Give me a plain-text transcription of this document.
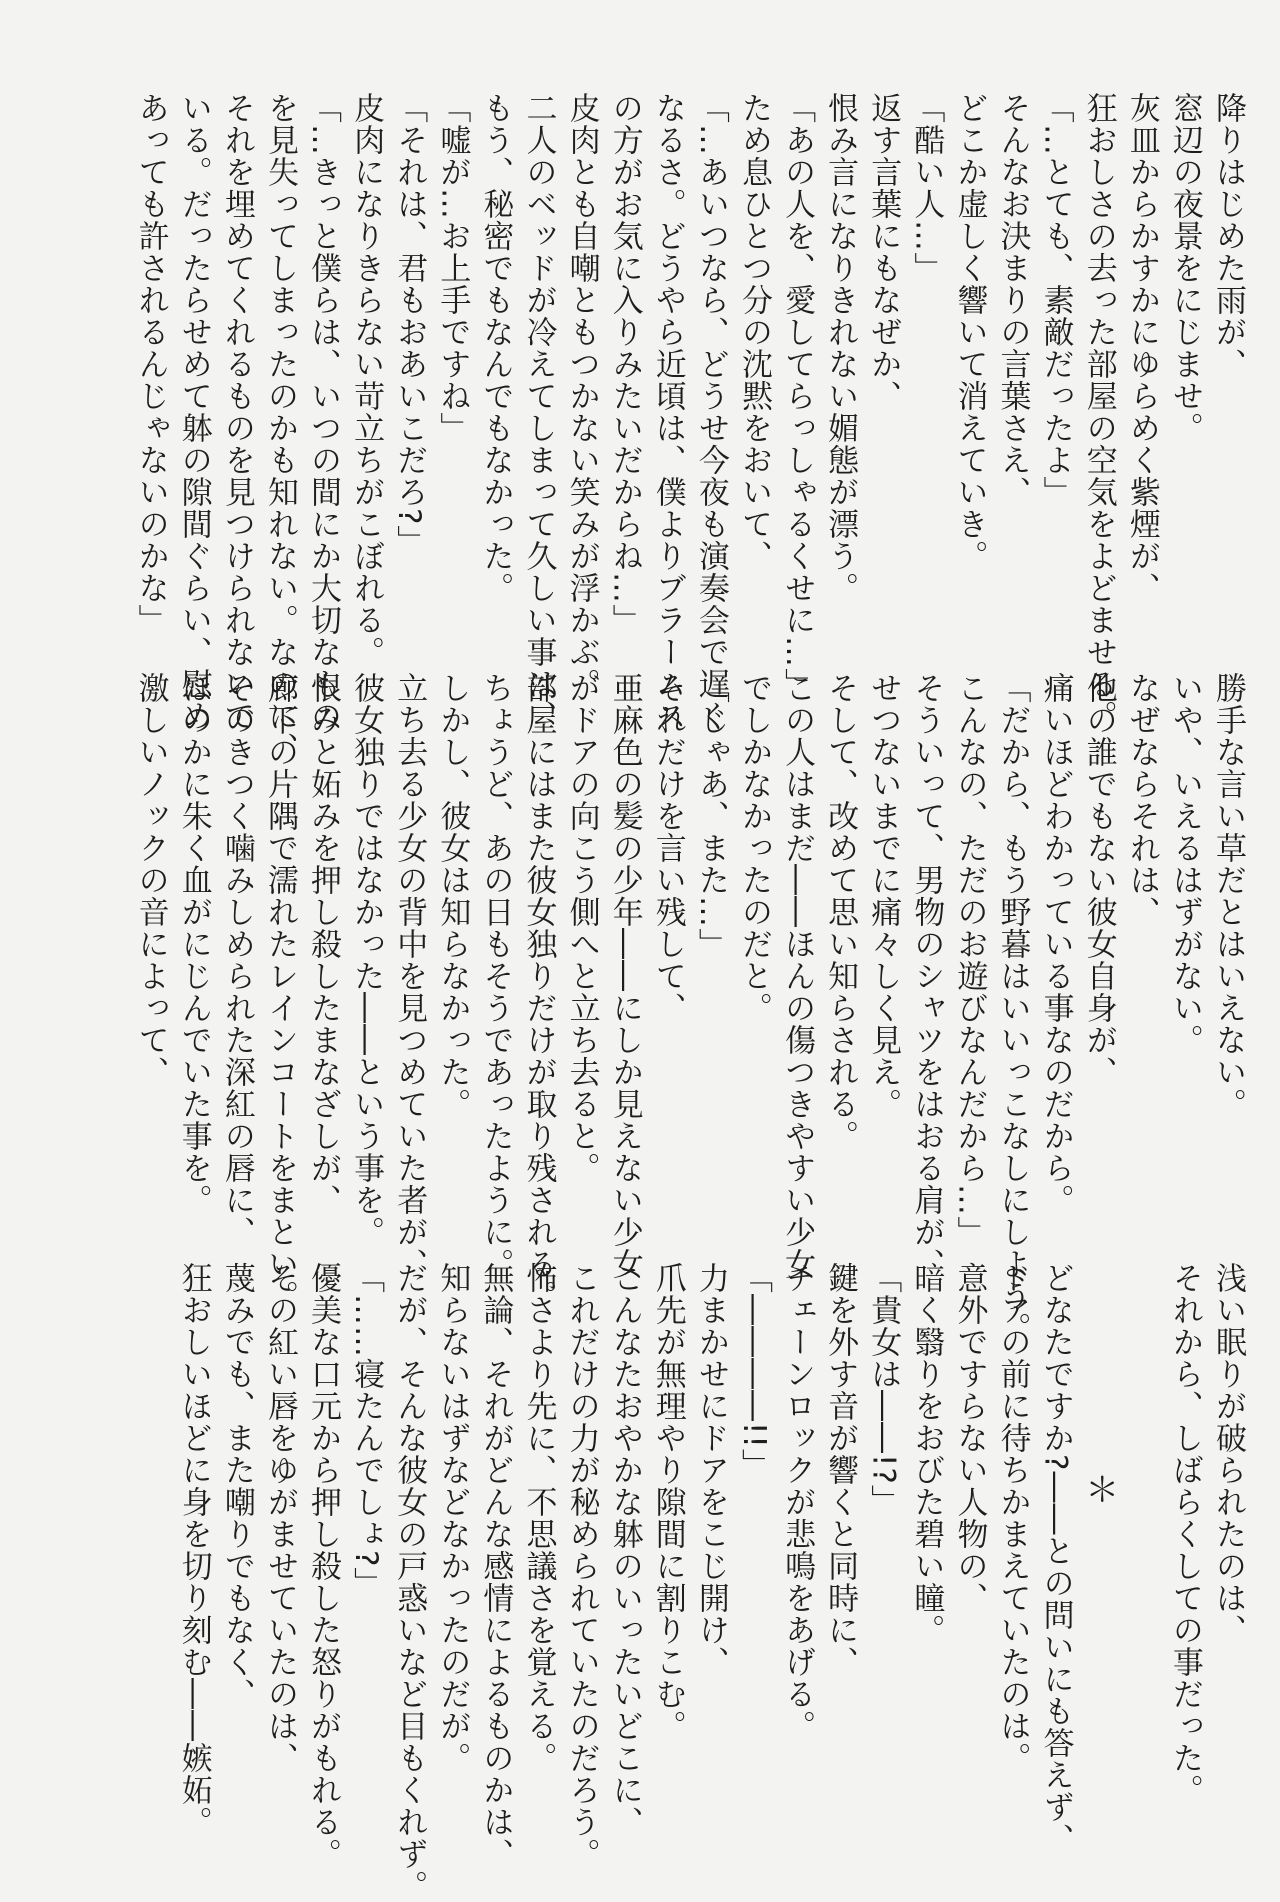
降りはじめた雨が、
窓辺の夜景をにじませ。
灰皿からかすかにゆらめく紫煙が、
狂おしさの去った部屋の空気をよどませる。
「…とても、素敵だったよ」
そんなお決まりの言葉さえ、
どこか虚しく響いて消えていき。
「酷い人…」
返す言葉にもなぜか、
恨み言になりきれない媚態が漂う。
「あの人を、愛してらっしゃるくせに…」
ため息ひとつ分の沈黙をおいて、
「…あいつなら、どうせ今夜も演奏会で遅く
なるさ。どうやら近頃は、僕よりブラームス
の方がお気に入りみたいだからね…」
皮肉とも自嘲ともつかない笑みが浮かぶ。
二人のベッドが冷えてしまって久しい事は、
もう、秘密でもなんでもなかった。
「嘘が…お上手ですね」
「それは、君もおあいこだろ?」
皮肉になりきらない苛立ちがこぼれる。
「…きっと僕らは、いつの間にか大切なもの
を見失ってしまったのかも知れない。なのに、
それを埋めてくれるものを見つけられないで
いる。だったらせめて躰の隙間ぐらい、慰め
あっても許されるんじゃないのかな」
勝手な言い草だとはいえない。
いや、いえるはずがない。
なぜならそれは、
他の誰でもない彼女自身が、
痛いほどわかっている事なのだから。
「だから、もう野暮はいいっこなしにしよう。
こんなの、ただのお遊びなんだから…」
そういって、男物のシャツをはおる肩が、
せつないまでに痛々しく見え。
そして、改めて思い知らされる。
この人はまだ――ほんの傷つきやすい少女
でしかなかったのだと。
「じゃあ、また…」
それだけを言い残して、
亜麻色の髪の少年――にしか見えない少女
がドアの向こう側へと立ち去ると。
部屋にはまた彼女独りだけが取り残される。
ちょうど、あの日もそうであったように。
しかし、彼女は知らなかった。
立ち去る少女の背中を見つめていた者が、
彼女独りではなかった――という事を。
恨みと妬みを押し殺したまなざしが、
廊下の片隅で濡れたレインコートをまとい。
そのきつく噛みしめられた深紅の唇に、
ほのかに朱く血がにじんでいた事を。
激しいノックの音によって、
浅い眠りが破られたのは、
それから、しばらくしての事だった。
＊
どなたですか?――との問いにも答えず、
ドアの前に待ちかまえていたのは。
意外ですらない人物の、
暗く翳りをおびた碧い瞳。
「貴女は――!?」
鍵を外す音が響くと同時に、
チェーンロックが悲鳴をあげる。
「――――!!」
力まかせにドアをこじ開け、
爪先が無理やり隙間に割りこむ。
こんなたおやかな躰のいったいどこに、
これだけの力が秘められていたのだろう。
怖さより先に、不思議さを覚える。
無論、それがどんな感情によるものかは、
知らないはずなどなかったのだが。
だが、そんな彼女の戸惑いなど目もくれず。
「……寝たんでしょ?」
優美な口元から押し殺した怒りがもれる。
その紅い唇をゆがませていたのは、
蔑みでも、また嘲りでもなく、
狂おしいほどに身を切り刻む――嫉妬。
